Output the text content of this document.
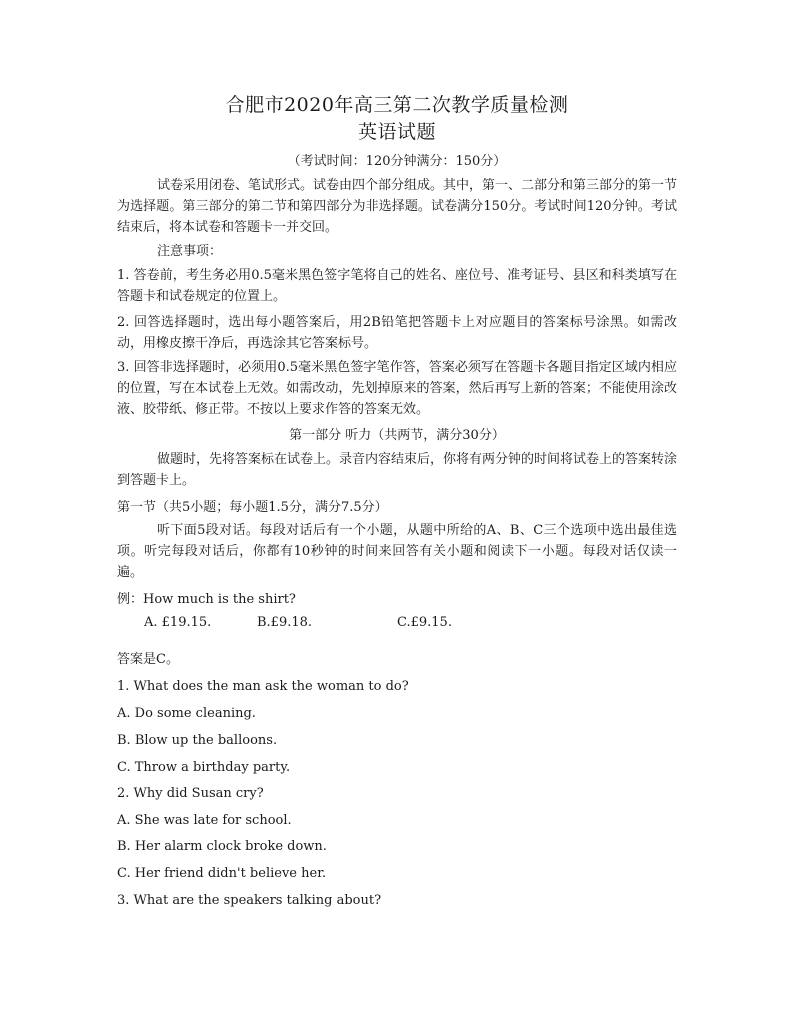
合肥市2020年高三第二次教学质量检测
英语试题
（考试时间：120分钟满分：150分）
试卷采用闭卷、笔试形式。试卷由四个部分组成。其中，第一、二部分和第三部分的第一节为选择题。第三部分的第二节和第四部分为非选择题。试卷满分150分。考试时间120分钟。考试结束后，将本试卷和答题卡一并交回。
注意事项：
1. 答卷前，考生务必用0.5毫米黑色签字笔将自己的姓名、座位号、准考证号、县区和科类填写在答题卡和试卷规定的位置上。
2. 回答选择题时，选出每小题答案后，用2B铅笔把答题卡上对应题目的答案标号涂黑。如需改动，用橡皮擦干净后，再选涂其它答案标号。
3. 回答非选择题时，必须用0.5毫米黑色签字笔作答，答案必须写在答题卡各题目指定区域内相应的位置，写在本试卷上无效。如需改动，先划掉原来的答案，然后再写上新的答案；不能使用涂改液、胶带纸、修正带。不按以上要求作答的答案无效。
第一部分 听力（共两节，满分30分）
做题时，先将答案标在试卷上。录音内容结束后，你将有两分钟的时间将试卷上的答案转涂到答题卡上。
第一节（共5小题；每小题1.5分，满分7.5分）
听下面5段对话。每段对话后有一个小题，从题中所给的A、B、C三个选项中选出最佳选项。听完每段对话后，你都有10秒钟的时间来回答有关小题和阅读下一小题。每段对话仅读一遍。
例：How much is the shirt?
A. £19.15.	B.£9.18.	C.£9.15.
答案是C。
1. What does the man ask the woman to do?
A. Do some cleaning.
B. Blow up the balloons.
C. Throw a birthday party.
2. Why did Susan cry?
A. She was late for school.
B. Her alarm clock broke down.
C. Her friend didn't believe her.
3. What are the speakers talking about?
